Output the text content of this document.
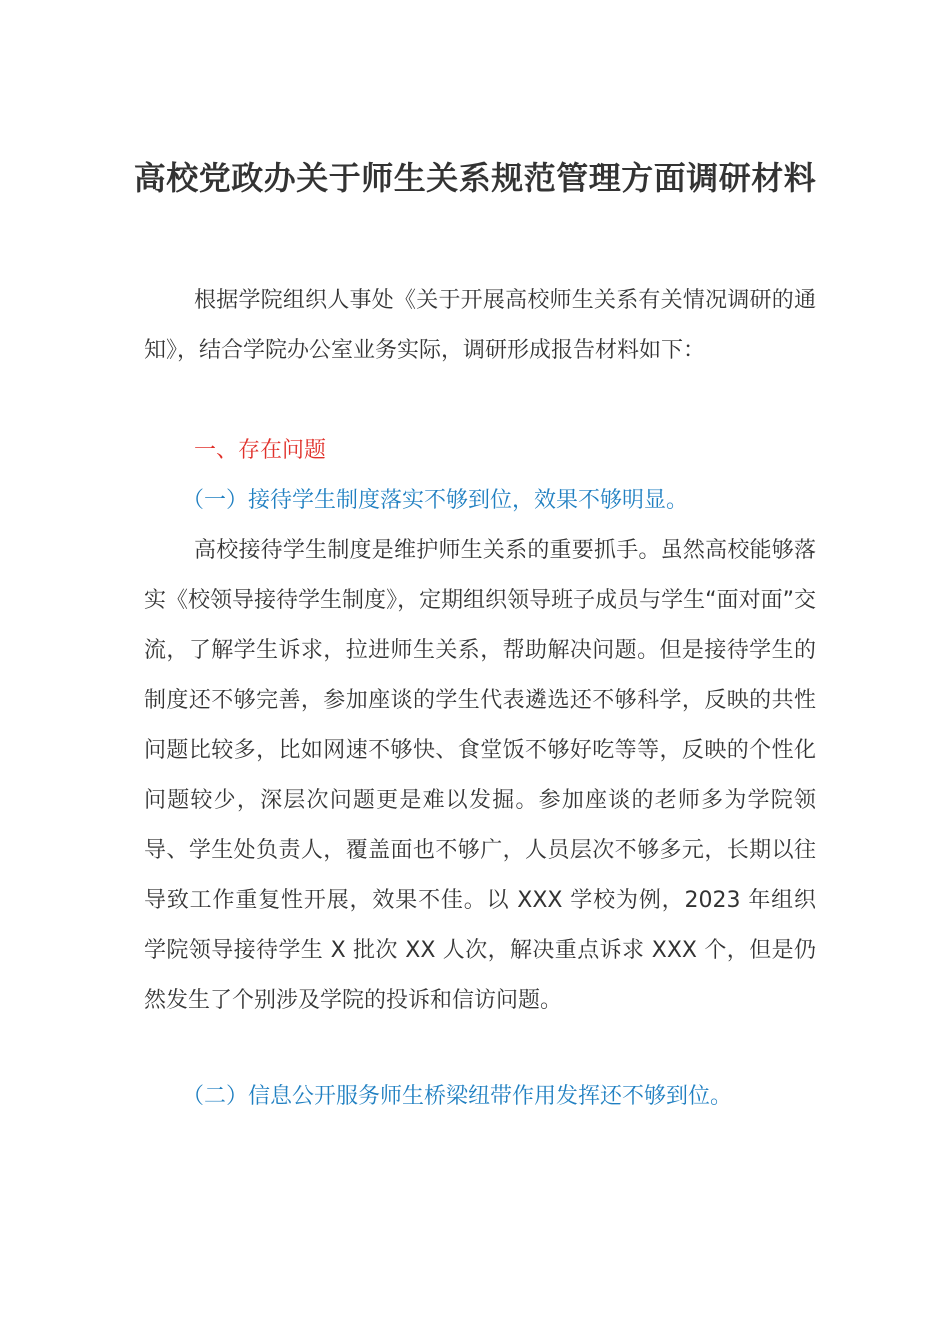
高校党政办关于师生关系规范管理方面调研材料
根据学院组织人事处《关于开展高校师生关系有关情况调研的通知》，结合学院办公室业务实际，调研形成报告材料如下：
一、存在问题
（一）接待学生制度落实不够到位，效果不够明显。
高校接待学生制度是维护师生关系的重要抓手。虽然高校能够落实《校领导接待学生制度》，定期组织领导班子成员与学生“面对面”交流，了解学生诉求，拉进师生关系，帮助解决问题。但是接待学生的制度还不够完善，参加座谈的学生代表遴选还不够科学，反映的共性问题比较多，比如网速不够快、食堂饭不够好吃等等，反映的个性化问题较少，深层次问题更是难以发掘。参加座谈的老师多为学院领导、学生处负责人，覆盖面也不够广，人员层次不够多元，长期以往导致工作重复性开展，效果不佳。以 XXX 学校为例，2023 年组织学院领导接待学生 X 批次 XX 人次，解决重点诉求 XXX 个，但是仍然发生了个别涉及学院的投诉和信访问题。
（二）信息公开服务师生桥梁纽带作用发挥还不够到位。
